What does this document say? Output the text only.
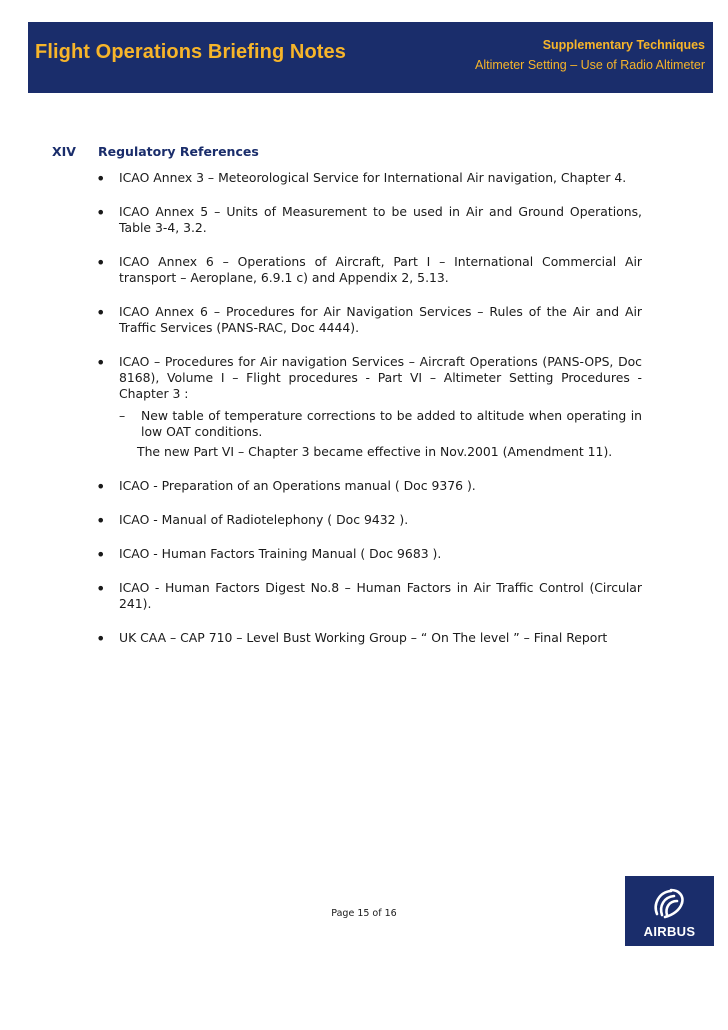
Flight Operations Briefing Notes	Supplementary Techniques
Altimeter Setting – Use of Radio Altimeter
XIV Regulatory References
• ICAO Annex 3 – Meteorological Service for International Air navigation, Chapter 4.
• ICAO Annex 5 – Units of Measurement to be used in Air and Ground Operations, Table 3-4, 3.2.
• ICAO Annex 6 – Operations of Aircraft, Part I – International Commercial Air transport – Aeroplane, 6.9.1 c) and Appendix 2, 5.13.
• ICAO Annex 6 – Procedures for Air Navigation Services – Rules of the Air and Air Traffic Services (PANS-RAC, Doc 4444).
• ICAO – Procedures for Air navigation Services – Aircraft Operations (PANS-OPS, Doc 8168), Volume I – Flight procedures - Part VI – Altimeter Setting Procedures - Chapter 3 :
– New table of temperature corrections to be added to altitude when operating in low OAT conditions.
The new Part VI – Chapter 3 became effective in Nov.2001 (Amendment 11).
• ICAO - Preparation of an Operations manual ( Doc 9376 ).
• ICAO - Manual of Radiotelephony ( Doc 9432 ).
• ICAO - Human Factors Training Manual ( Doc 9683 ).
• ICAO - Human Factors Digest No.8 – Human Factors in Air Traffic Control (Circular 241).
• UK CAA – CAP 710 – Level Bust Working Group – “ On The level ” – Final Report
Page 15 of 16
AIRBUS
